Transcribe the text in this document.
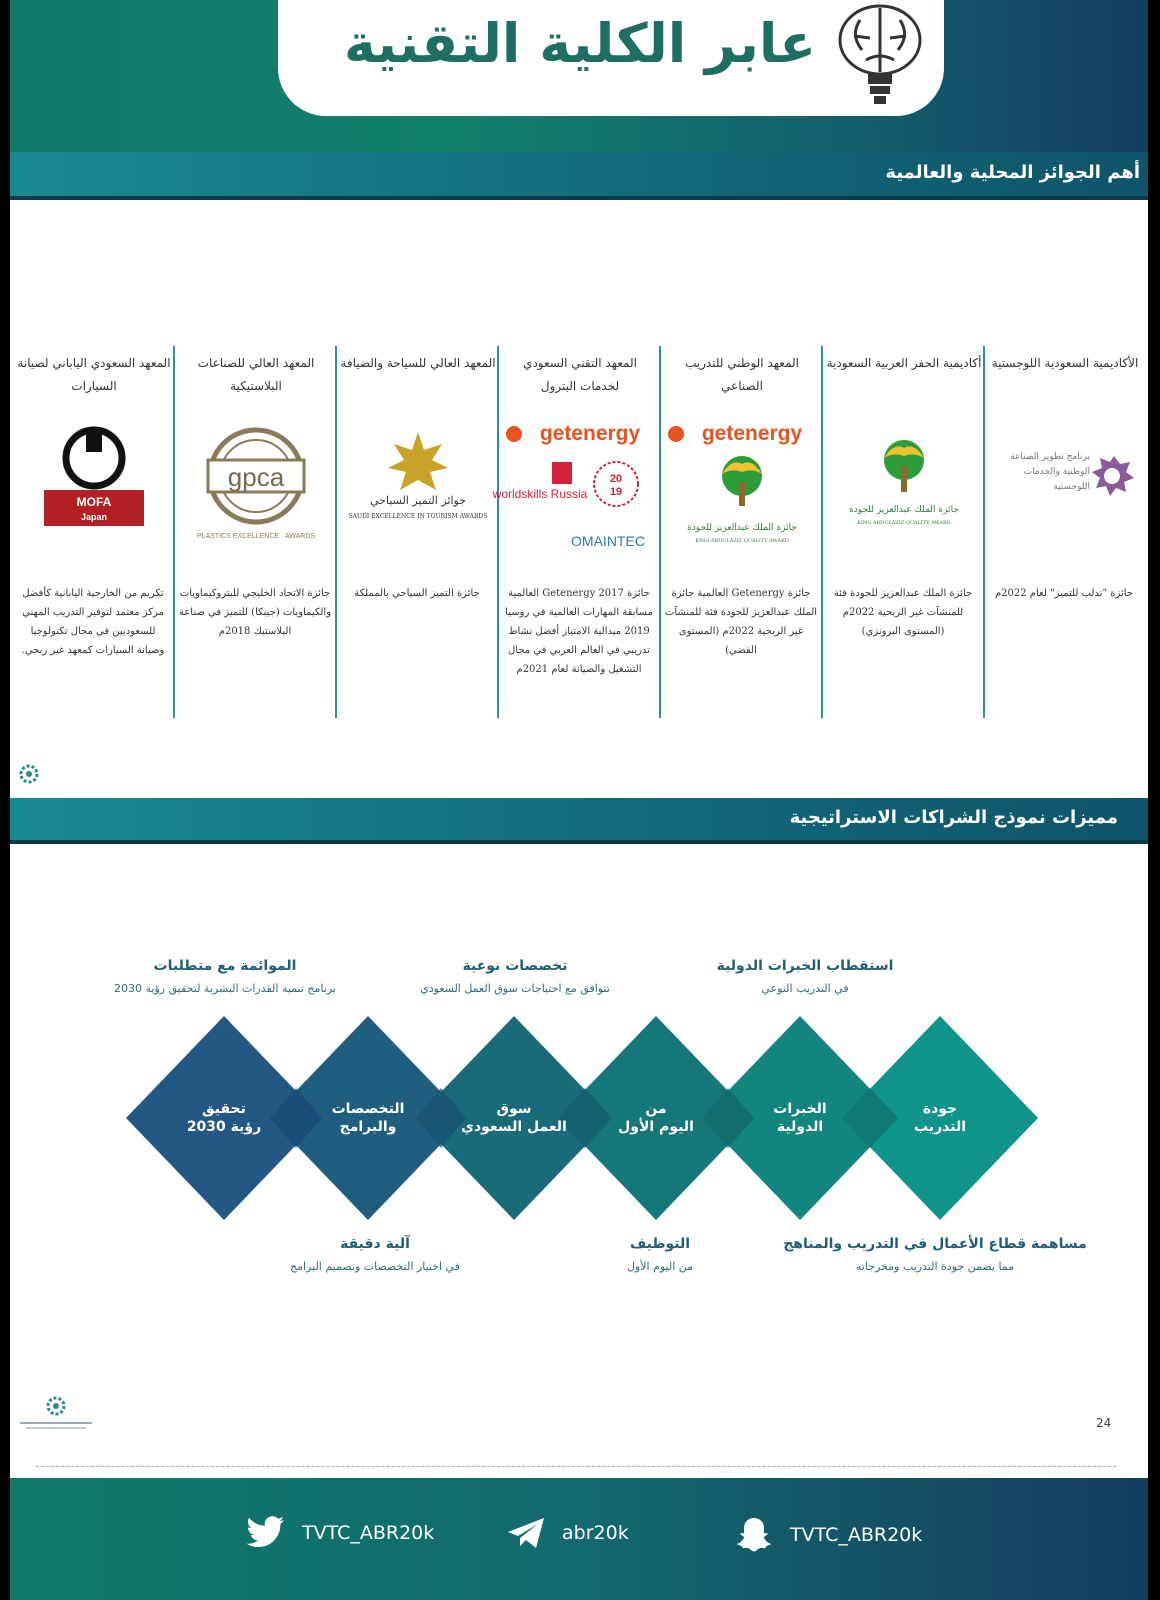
عابر الكلية التقنية
أهم الجوائز المحلية والعالمية
المعهد السعودي الياباني لصيانة السيارات
MOFA
Japan
تكريم من الخارجية اليابانية كأفضل مركز معتمد لتوفير التدريب المهني للسعوديين في مجال تكنولوجيا وصيانة السيارات كمعهد غير ربحي.
المعهد العالي للصناعات البلاستيكية
gpca
PLASTICS EXCELLENCE · AWARDS
جائزة الاتحاد الخليجي للبتروكيماويات والكيماويات (جيبكا) للتميز في صناعة البلاستيك 2018م
المعهد العالي للسياحة والضيافة
جوائز التميز السياحي
SAUDI EXCELLENCE IN TOURISM AWARDS
جائزة التميز السياحي بالمملكة
المعهد التقني السعودي لخدمات البترول
getenergy
worldskills Russia
20
19
OMAINTEC
جائزة Getenergy 2017 العالمية مسابقة المهارات العالمية في روسيا 2019 ميدالية الامتياز أفضل نشاط تدريبي في العالم العربي في مجال التشغيل والصيانة لعام 2021م
المعهد الوطني للتدريب الصناعي
getenergy
جائزة الملك عبدالعزيز للجودة
KING ABDULAZIZ QUALITY AWARD
جائزة Getenergy العالمية جائزة الملك عبدالعزيز للجودة فئة للمنشآت غير الربحية 2022م (المستوى الفضي)
أكاديمية الحفر العربية السعودية
جائزة الملك عبدالعزيز للجودة
KING ABDULAZIZ QUALITY AWARD
جائزة الملك عبدالعزيز للجودة فئة للمنشآت غير الربحية 2022م (المستوى البرونزي)
الأكاديمية السعودية اللوجستية
برنامج تطوير الصناعة الوطنية والخدمات اللوجستية
جائزة "ندلب للتميز" لعام 2022م
مميزات نموذج الشراكات الاستراتيجية
استقطاب الخبرات الدولية
في التدريب النوعي
تخصصات نوعية
تتوافق مع احتياجات سوق العمل السعودي
الموائمة مع متطلبات
برنامج تنمية القدرات البشرية لتحقيق رؤية 2030
جودة
التدريب
الخبرات
الدولية
من
اليوم الأول
سوق
العمل السعودي
التخصصات
والبرامج
تحقيق
رؤية 2030
مساهمة قطاع الأعمال في التدريب والمناهج
مما يضمن جودة التدريب ومخرجاته
التوظيف
من اليوم الأول
آلية دقيقة
في اختيار التخصصات وتصميم البرامج
24
TVTC_ABR20k	abr20k	TVTC_ABR20k
